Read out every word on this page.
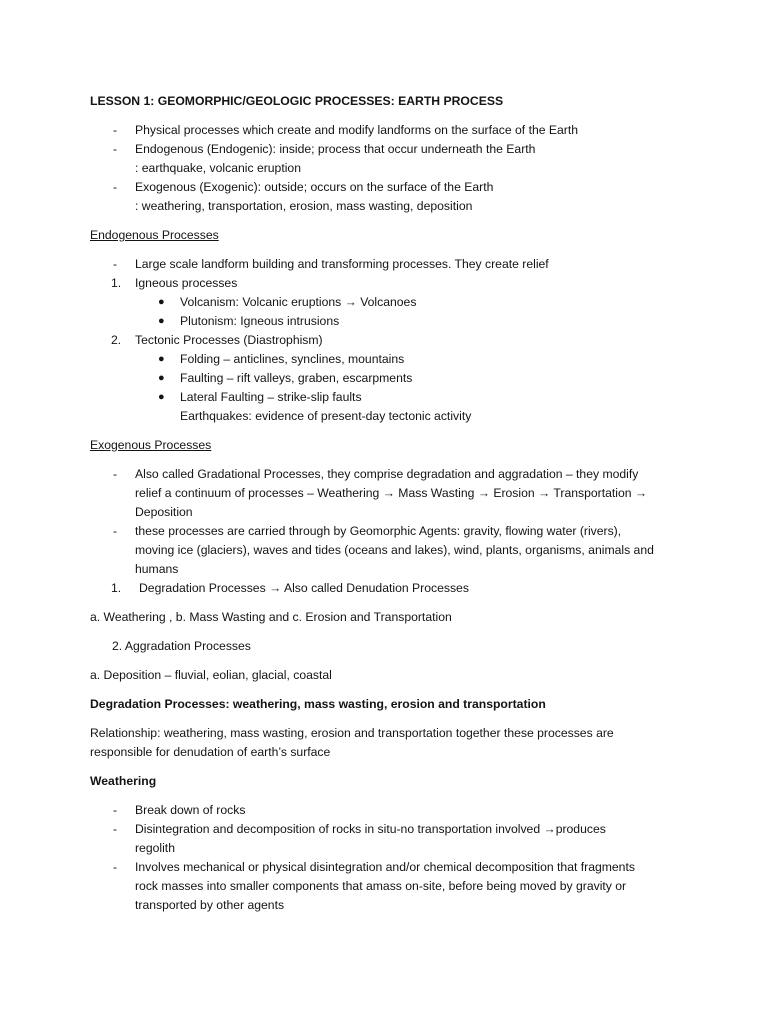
LESSON 1: GEOMORPHIC/GEOLOGIC PROCESSES: EARTH PROCESS

- Physical processes which create and modify landforms on the surface of the Earth
- Endogenous (Endogenic): inside; process that occur underneath the Earth
: earthquake, volcanic eruption
- Exogenous (Exogenic): outside; occurs on the surface of the Earth
: weathering, transportation, erosion, mass wasting, deposition

Endogenous Processes

- Large scale landform building and transforming processes. They create relief
1. Igneous processes
● Volcanism: Volcanic eruptions → Volcanoes
● Plutonism: Igneous intrusions
2. Tectonic Processes (Diastrophism)
● Folding – anticlines, synclines, mountains
● Faulting – rift valleys, graben, escarpments
● Lateral Faulting – strike-slip faults
Earthquakes: evidence of present-day tectonic activity

Exogenous Processes

- Also called Gradational Processes, they comprise degradation and aggradation – they modify
relief a continuum of processes – Weathering → Mass Wasting → Erosion → Transportation →
Deposition
- these processes are carried through by Geomorphic Agents: gravity, flowing water (rivers),
moving ice (glaciers), waves and tides (oceans and lakes), wind, plants, organisms, animals and
humans
1. Degradation Processes → Also called Denudation Processes

a. Weathering , b. Mass Wasting and c. Erosion and Transportation

2. Aggradation Processes

a. Deposition – fluvial, eolian, glacial, coastal

Degradation Processes: weathering, mass wasting, erosion and transportation

Relationship: weathering, mass wasting, erosion and transportation together these processes are
responsible for denudation of earth’s surface

Weathering

- Break down of rocks
- Disintegration and decomposition of rocks in situ-no transportation involved →produces
regolith
- Involves mechanical or physical disintegration and/or chemical decomposition that fragments
rock masses into smaller components that amass on-site, before being moved by gravity or
transported by other agents
